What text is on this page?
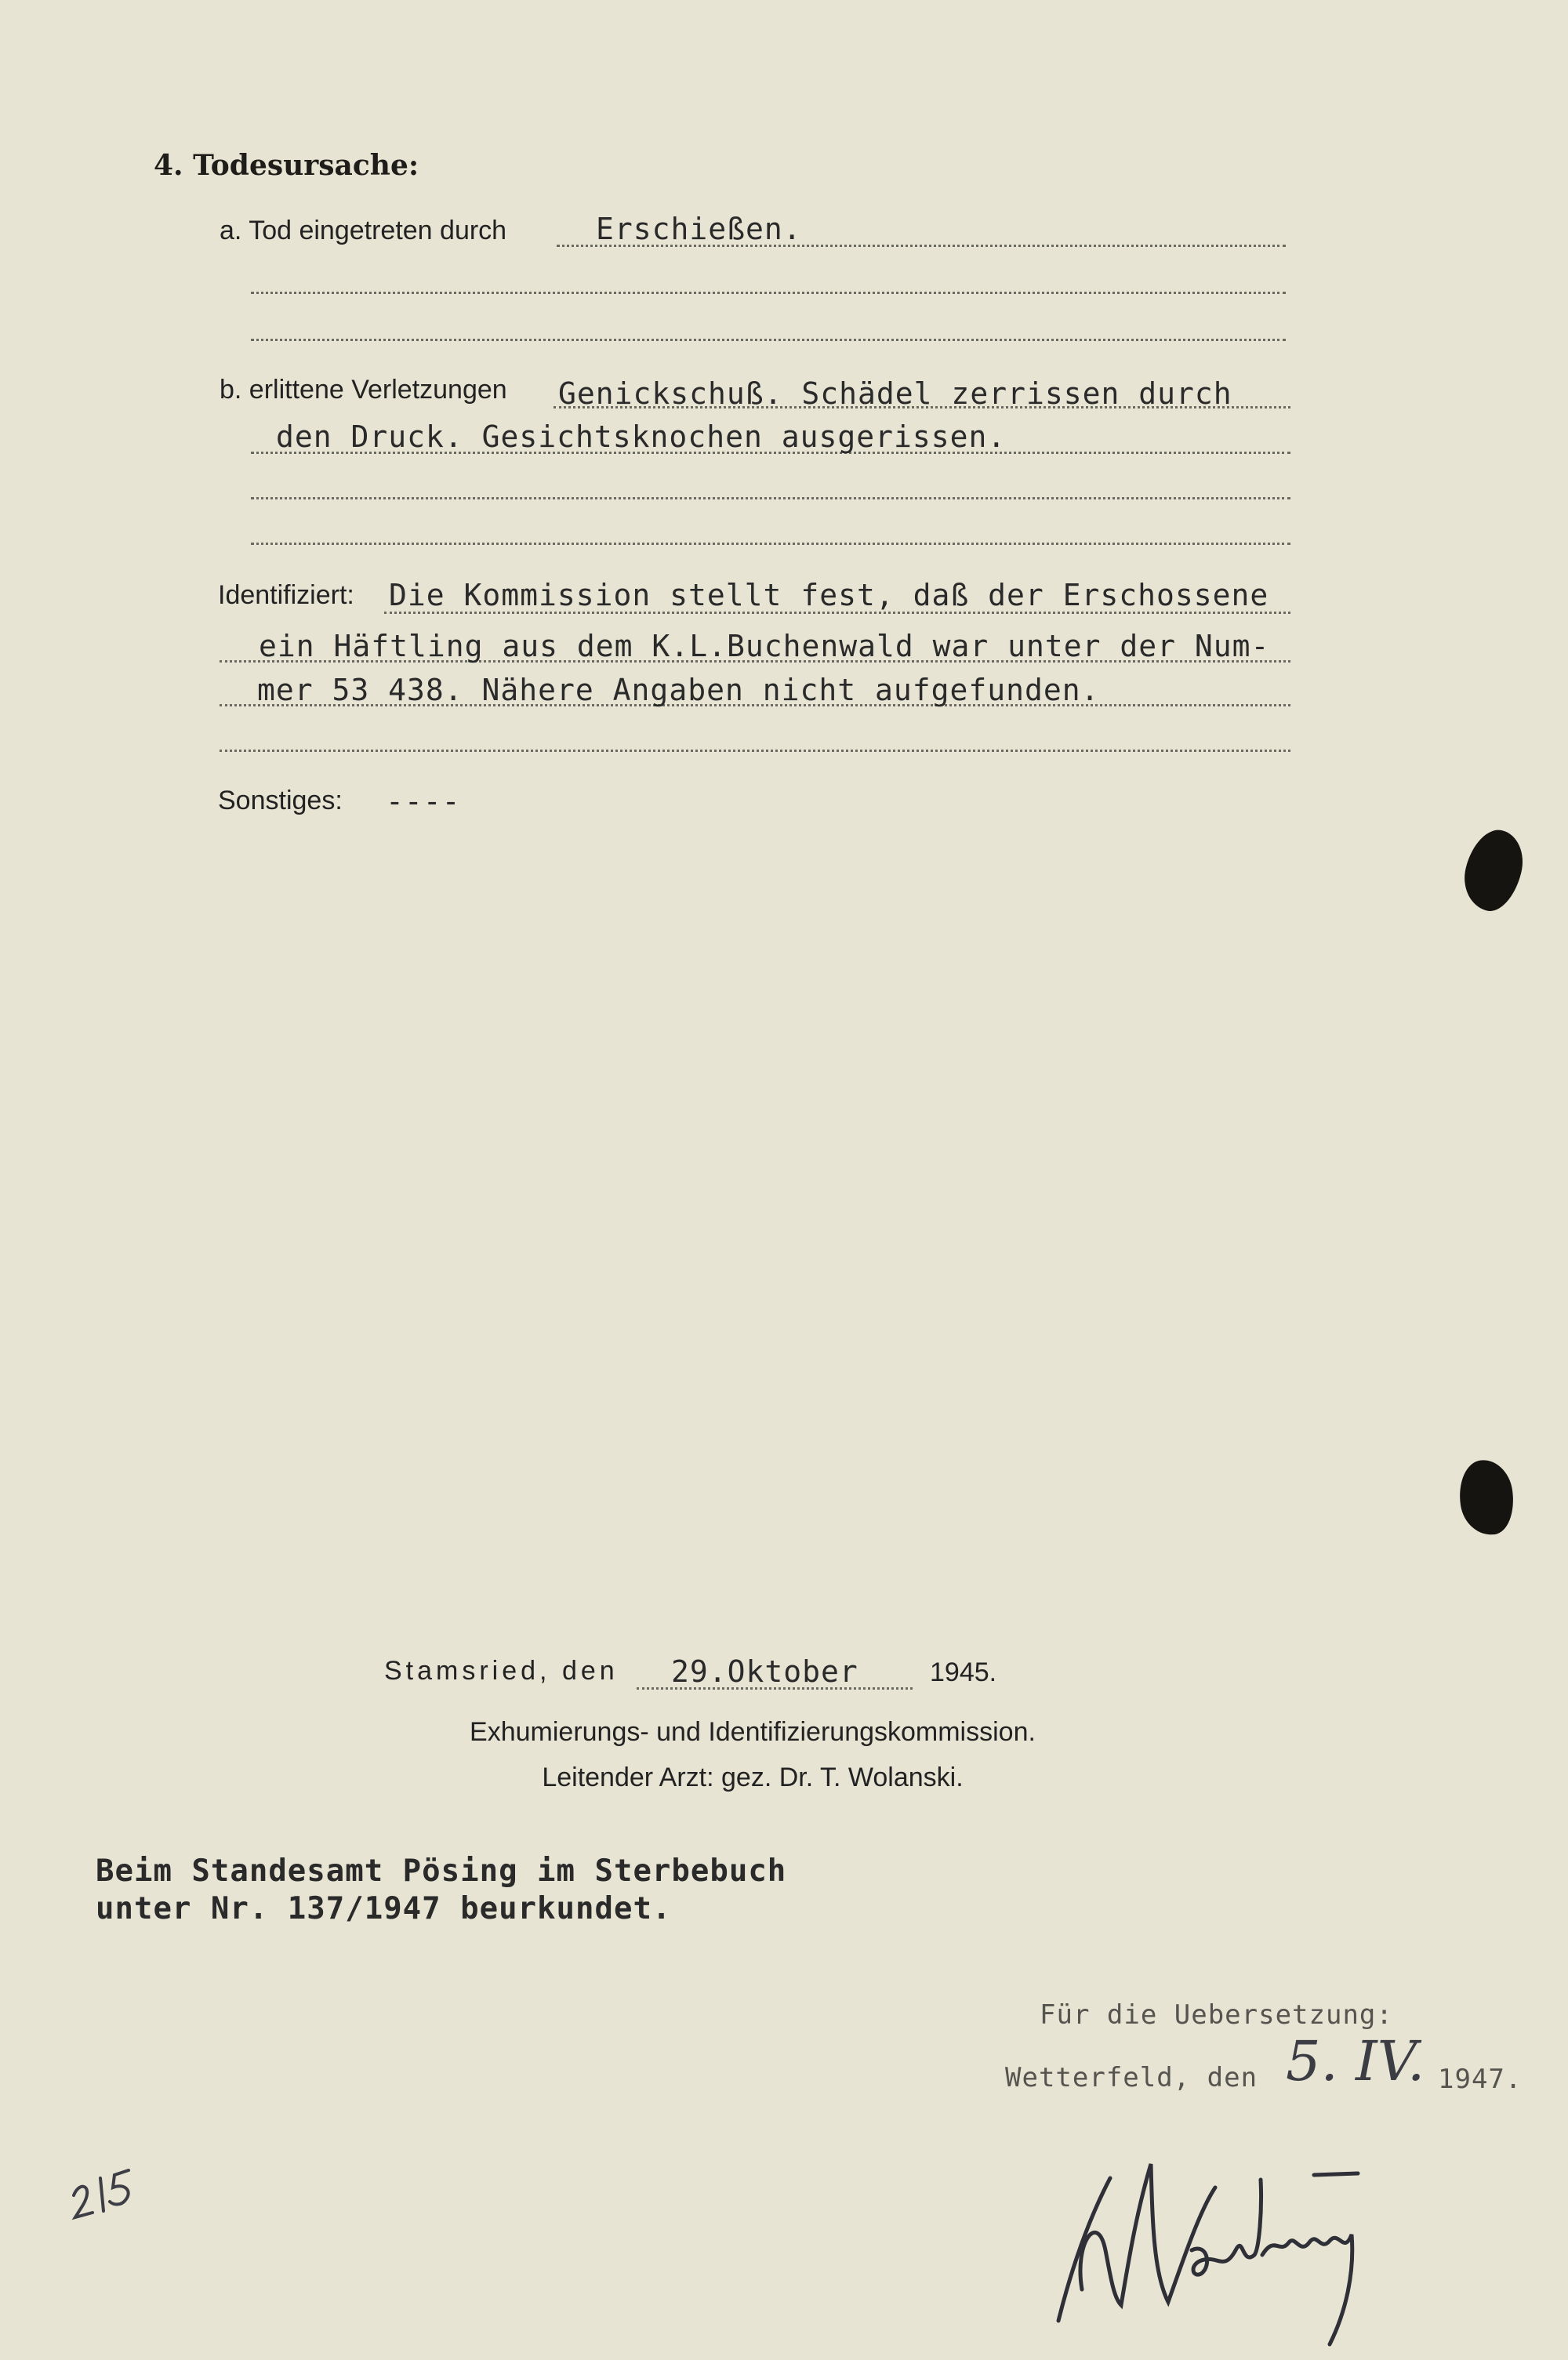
4. Todesursache:
a. Tod eingetreten durch	Erschießen.
b. erlittene Verletzungen Genickschuß. Schädel zerrissen durch
den Druck. Gesichtsknochen ausgerissen.
Identifiziert: Die Kommission stellt fest, daß der Erschossene
ein Häftling aus dem K.L.Buchenwald war unter der Num-
mer 53 438. Nähere Angaben nicht aufgefunden.
Sonstiges: ----
Stamsried, den 29.Oktober	1945.
Exhumierungs- und Identifizierungskommission.
Leitender Arzt: gez. Dr. T. Wolanski.
Beim Standesamt Pösing im Sterbebuch
unter Nr. 137/1947 beurkundet.
Für die Uebersetzung:
Wetterfeld, den 5. IV. 1947.
